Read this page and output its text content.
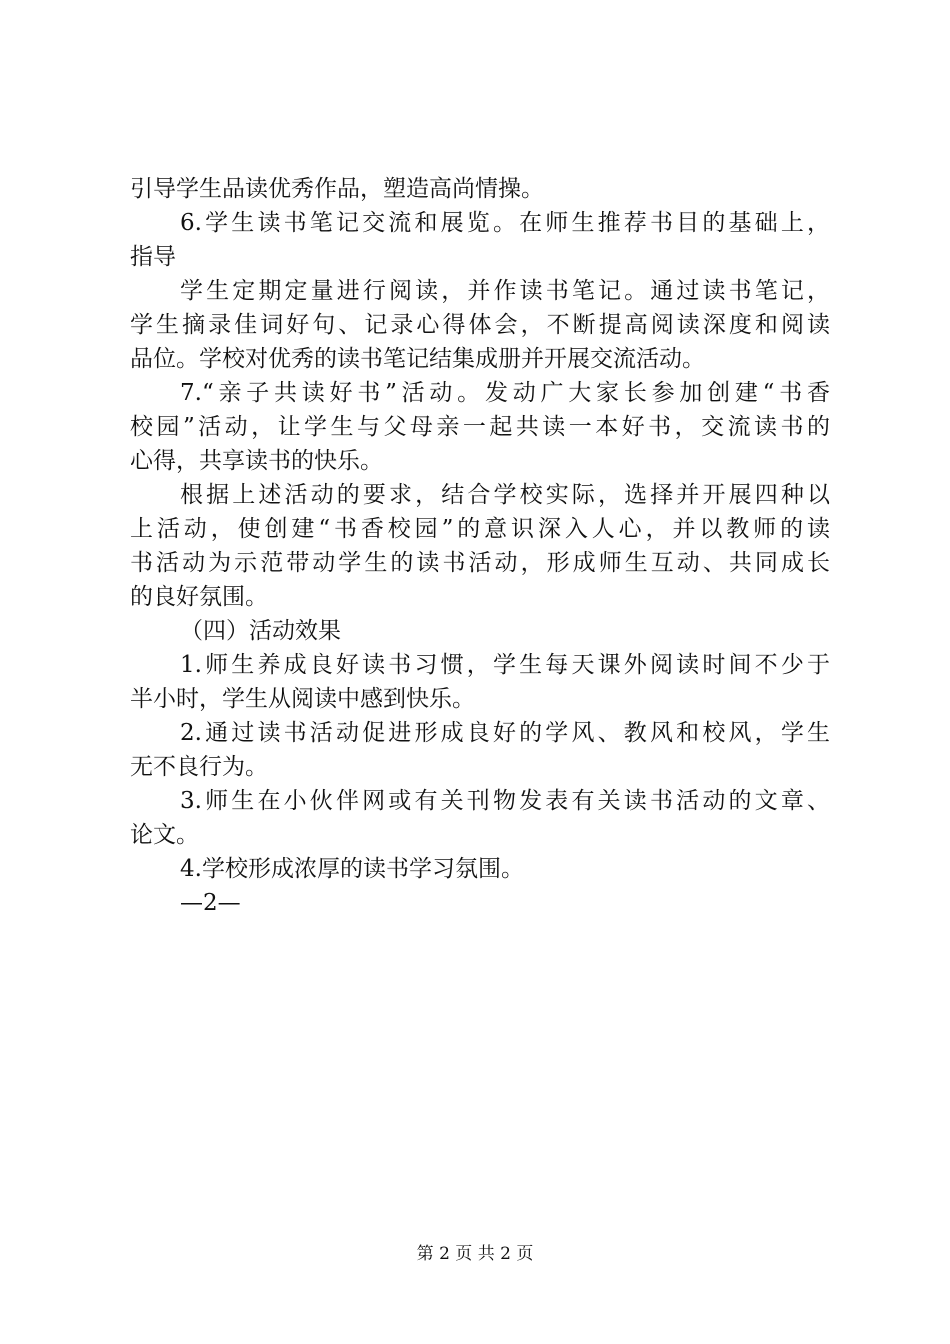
引导学生品读优秀作品，塑造高尚情操。
6.学生读书笔记交流和展览。在师生推荐书目的基础上，
指导
学生定期定量进行阅读，并作读书笔记。通过读书笔记，
学生摘录佳词好句、记录心得体会，不断提高阅读深度和阅读
品位。学校对优秀的读书笔记结集成册并开展交流活动。
7.“亲子共读好书”活动。发动广大家长参加创建“书香
校园”活动，让学生与父母亲一起共读一本好书，交流读书的
心得，共享读书的快乐。
根据上述活动的要求，结合学校实际，选择并开展四种以
上活动，使创建“书香校园”的意识深入人心，并以教师的读
书活动为示范带动学生的读书活动，形成师生互动、共同成长
的良好氛围。
（四）活动效果
1.师生养成良好读书习惯，学生每天课外阅读时间不少于
半小时，学生从阅读中感到快乐。
2.通过读书活动促进形成良好的学风、教风和校风，学生
无不良行为。
3.师生在小伙伴网或有关刊物发表有关读书活动的文章、
论文。
4.学校形成浓厚的读书学习氛围。
—2—
第 2 页 共 2 页
